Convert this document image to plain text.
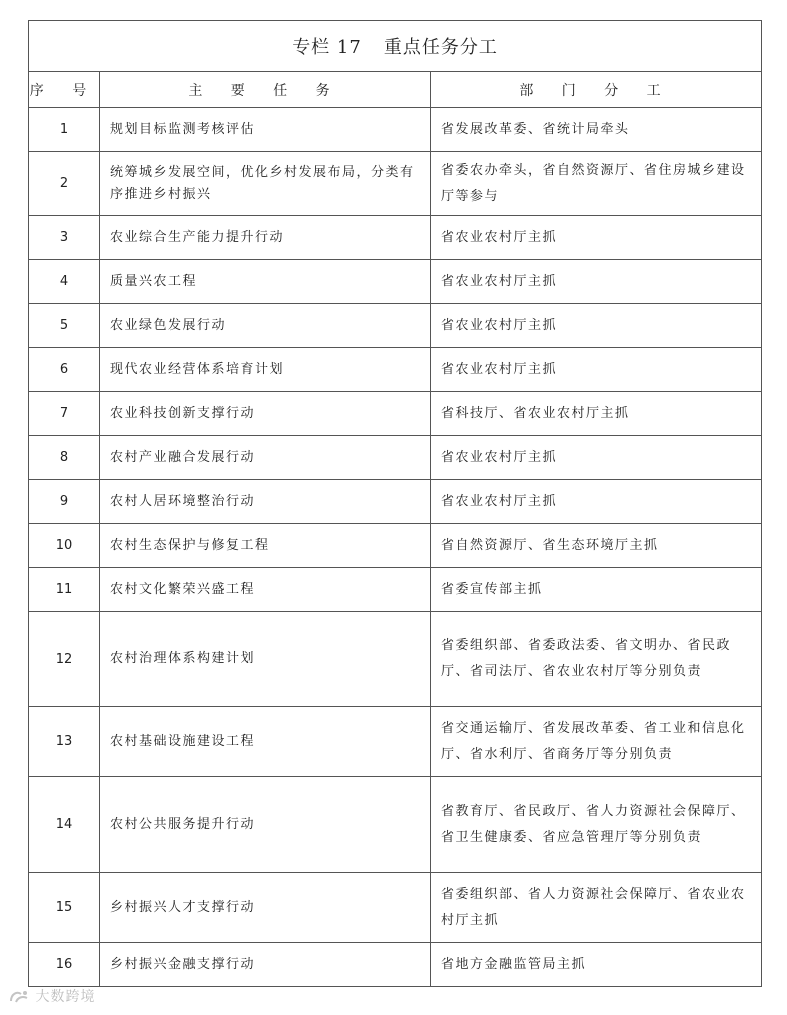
专栏 17 重点任务分工		
序 号	主 要 任 务	部 门 分 工
1	规划目标监测考核评估	省发展改革委、省统计局牵头
2	统筹城乡发展空间，优化乡村发展布局，分类有序推进乡村振兴	省委农办牵头，省自然资源厅、省住房城乡建设厅等参与
3	农业综合生产能力提升行动	省农业农村厅主抓
4	质量兴农工程	省农业农村厅主抓
5	农业绿色发展行动	省农业农村厅主抓
6	现代农业经营体系培育计划	省农业农村厅主抓
7	农业科技创新支撑行动	省科技厅、省农业农村厅主抓
8	农村产业融合发展行动	省农业农村厅主抓
9	农村人居环境整治行动	省农业农村厅主抓
10	农村生态保护与修复工程	省自然资源厅、省生态环境厅主抓
11	农村文化繁荣兴盛工程	省委宣传部主抓
12	农村治理体系构建计划	省委组织部、省委政法委、省文明办、省民政厅、省司法厅、省农业农村厅等分别负责
13	农村基础设施建设工程	省交通运输厅、省发展改革委、省工业和信息化厅、省水利厅、省商务厅等分别负责
14	农村公共服务提升行动	省教育厅、省民政厅、省人力资源社会保障厅、省卫生健康委、省应急管理厅等分别负责
15	乡村振兴人才支撑行动	省委组织部、省人力资源社会保障厅、省农业农村厅主抓
16	乡村振兴金融支撑行动	省地方金融监管局主抓
大数跨境
